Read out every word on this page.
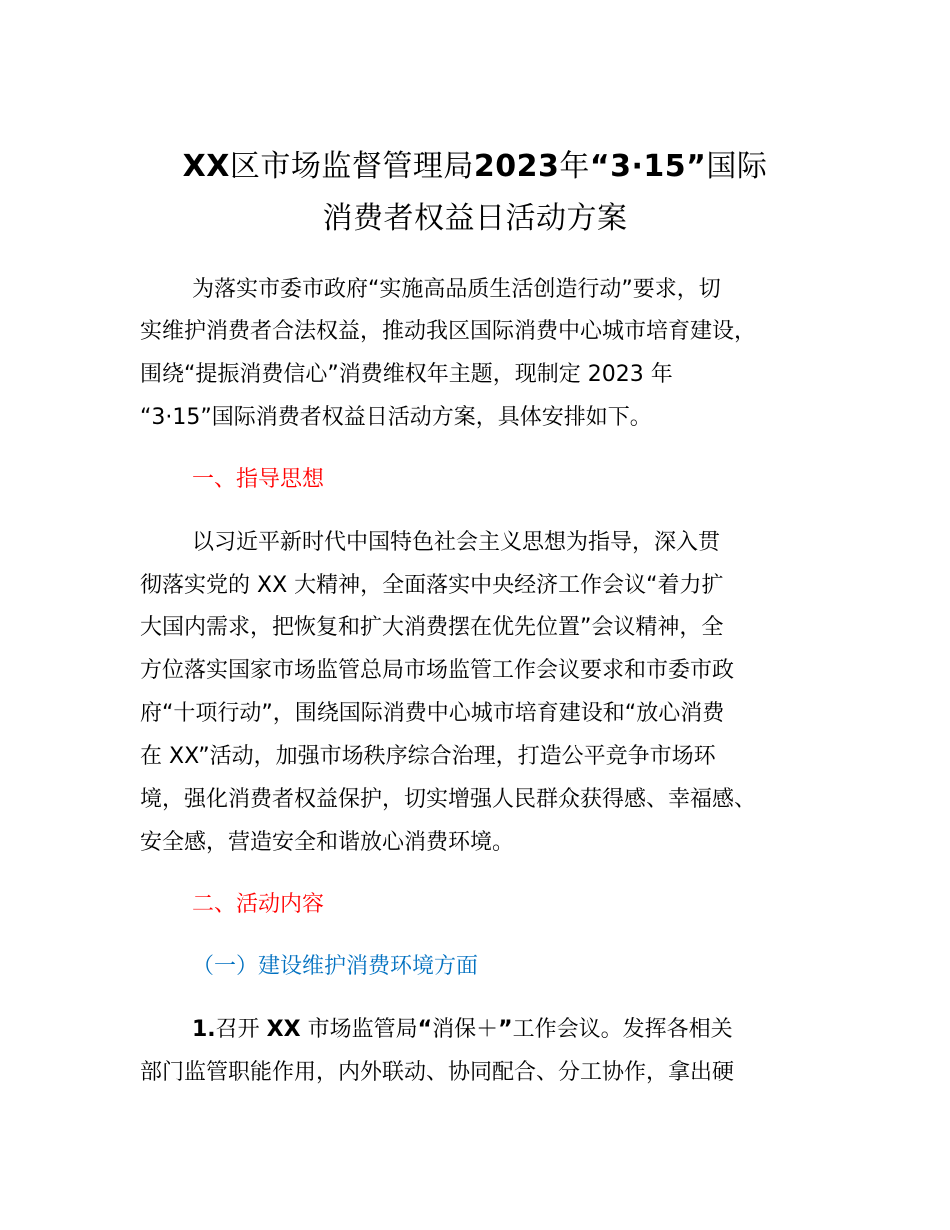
XX区市场监督管理局2023年“3·15”国际
消费者权益日活动方案
为落实市委市政府“实施高品质生活创造行动”要求，切
实维护消费者合法权益，推动我区国际消费中心城市培育建设，
围绕“提振消费信心”消费维权年主题，现制定 2023 年
“3·15”国际消费者权益日活动方案，具体安排如下。
一、指导思想
以习近平新时代中国特色社会主义思想为指导，深入贯
彻落实党的 XX 大精神，全面落实中央经济工作会议“着力扩
大国内需求，把恢复和扩大消费摆在优先位置”会议精神，全
方位落实国家市场监管总局市场监管工作会议要求和市委市政
府“十项行动”，围绕国际消费中心城市培育建设和“放心消费
在 XX”活动，加强市场秩序综合治理，打造公平竞争市场环
境，强化消费者权益保护，切实增强人民群众获得感、幸福感、
安全感，营造安全和谐放心消费环境。
二、活动内容
（一）建设维护消费环境方面
1.召开 XX 市场监管局“消保＋”工作会议。发挥各相关
部门监管职能作用，内外联动、协同配合、分工协作，拿出硬
